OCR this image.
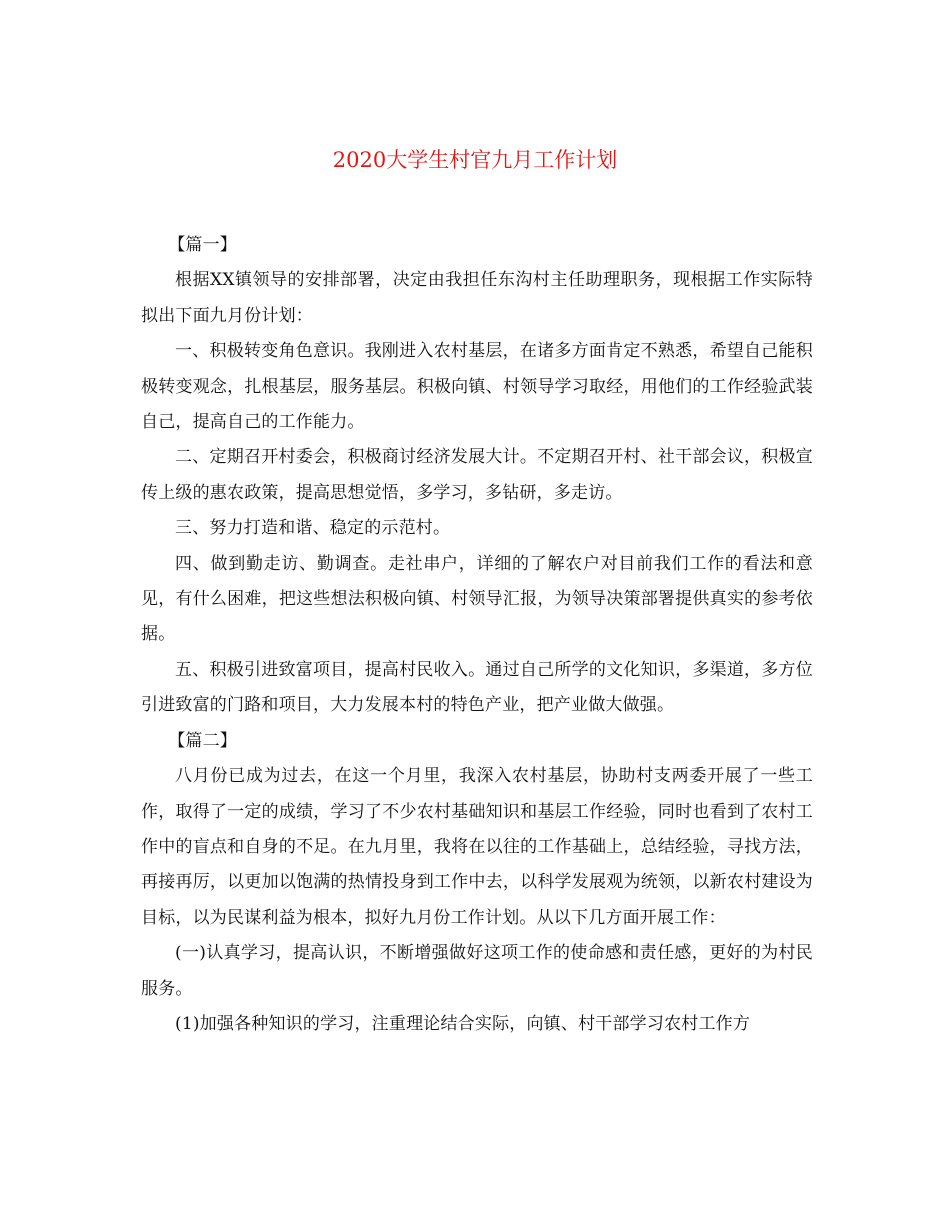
2020大学生村官九月工作计划

【篇一】

根据XX镇领导的安排部署，决定由我担任东沟村主任助理职务，现根据工作实际特拟出下面九月份计划：

一、积极转变角色意识。我刚进入农村基层，在诸多方面肯定不熟悉，希望自己能积极转变观念，扎根基层，服务基层。积极向镇、村领导学习取经，用他们的工作经验武装自己，提高自己的工作能力。

二、定期召开村委会，积极商讨经济发展大计。不定期召开村、社干部会议，积极宣传上级的惠农政策，提高思想觉悟，多学习，多钻研，多走访。

三、努力打造和谐、稳定的示范村。

四、做到勤走访、勤调查。走社串户，详细的了解农户对目前我们工作的看法和意见，有什么困难，把这些想法积极向镇、村领导汇报，为领导决策部署提供真实的参考依据。

五、积极引进致富项目，提高村民收入。通过自己所学的文化知识，多渠道，多方位引进致富的门路和项目，大力发展本村的特色产业，把产业做大做强。

【篇二】

八月份已成为过去，在这一个月里，我深入农村基层，协助村支两委开展了一些工作，取得了一定的成绩，学习了不少农村基础知识和基层工作经验，同时也看到了农村工作中的盲点和自身的不足。在九月里，我将在以往的工作基础上，总结经验，寻找方法，再接再厉，以更加以饱满的热情投身到工作中去，以科学发展观为统领，以新农村建设为目标，以为民谋利益为根本，拟好九月份工作计划。从以下几方面开展工作：

(一)认真学习，提高认识，不断增强做好这项工作的使命感和责任感，更好的为村民服务。

(1)加强各种知识的学习，注重理论结合实际，向镇、村干部学习农村工作方
